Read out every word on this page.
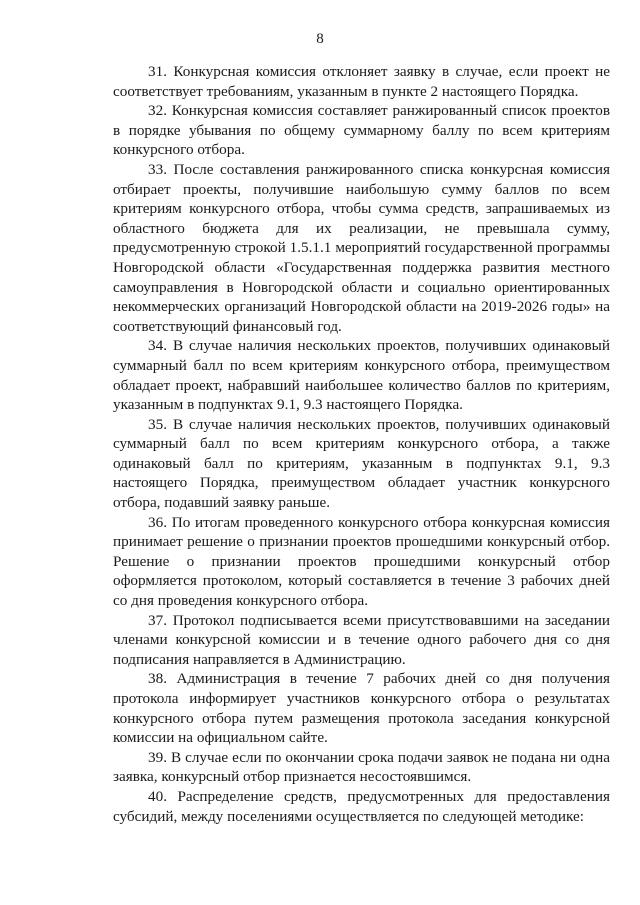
8

31. Конкурсная комиссия отклоняет заявку в случае, если проект не соответствует требованиям, указанным в пункте 2 настоящего Порядка.

32. Конкурсная комиссия составляет ранжированный список проектов в порядке убывания по общему суммарному баллу по всем критериям конкурсного отбора.

33. После составления ранжированного списка конкурсная комиссия отбирает проекты, получившие наибольшую сумму баллов по всем критериям конкурсного отбора, чтобы сумма средств, запрашиваемых из областного бюджета для их реализации, не превышала сумму, предусмотренную строкой 1.5.1.1 мероприятий государственной программы Новгородской области «Государственная поддержка развития местного самоуправления в Новгородской области и социально ориентированных некоммерческих организаций Новгородской области на 2019-2026 годы» на соответствующий финансовый год.

34. В случае наличия нескольких проектов, получивших одинаковый суммарный балл по всем критериям конкурсного отбора, преимуществом обладает проект, набравший наибольшее количество баллов по критериям, указанным в подпунктах 9.1, 9.3 настоящего Порядка.

35. В случае наличия нескольких проектов, получивших одинаковый суммарный балл по всем критериям конкурсного отбора, а также одинаковый балл по критериям, указанным в подпунктах 9.1, 9.3 настоящего Порядка, преимуществом обладает участник конкурсного отбора, подавший заявку раньше.

36. По итогам проведенного конкурсного отбора конкурсная комиссия принимает решение о признании проектов прошедшими конкурсный отбор. Решение о признании проектов прошедшими конкурсный отбор оформляется протоколом, который составляется в течение 3 рабочих дней со дня проведения конкурсного отбора.

37. Протокол подписывается всеми присутствовавшими на заседании членами конкурсной комиссии и в течение одного рабочего дня со дня подписания направляется в Администрацию.

38. Администрация в течение 7 рабочих дней со дня получения протокола информирует участников конкурсного отбора о результатах конкурсного отбора путем размещения протокола заседания конкурсной комиссии на официальном сайте.

39. В случае если по окончании срока подачи заявок не подана ни одна заявка, конкурсный отбор признается несостоявшимся.

40. Распределение средств, предусмотренных для предоставления субсидий, между поселениями осуществляется по следующей методике:
